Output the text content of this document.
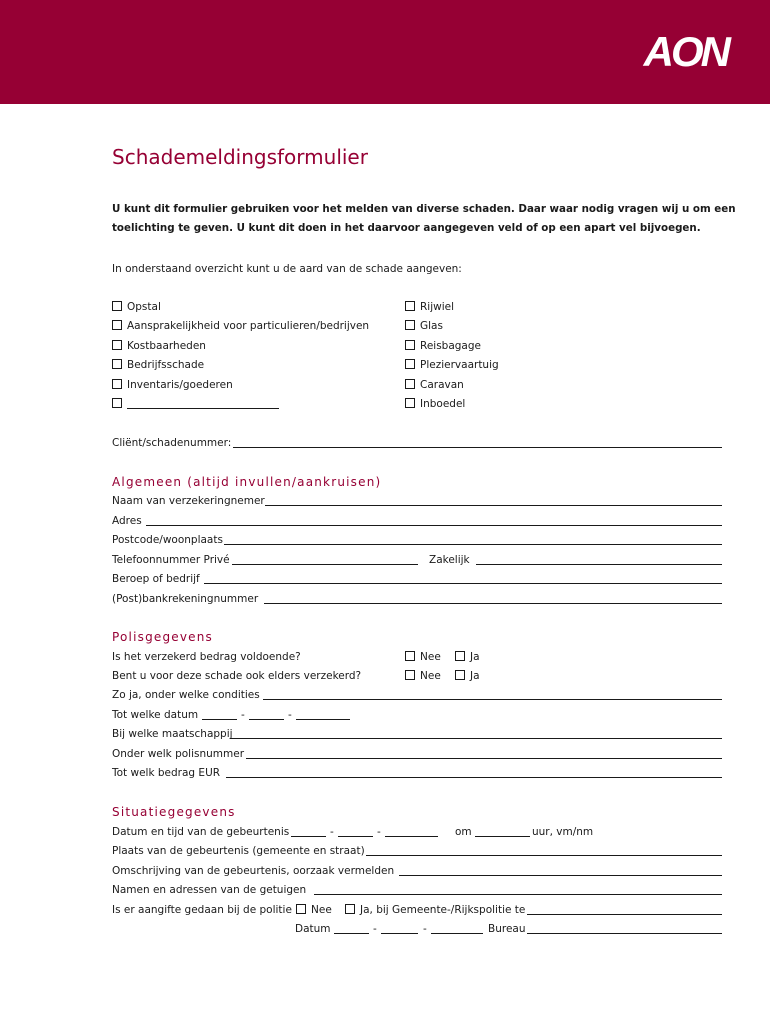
AON
Schademeldingsformulier
U kunt dit formulier gebruiken voor het melden van diverse schaden. Daar waar nodig vragen wij u om een
toelichting te geven. U kunt dit doen in het daarvoor aangegeven veld of op een apart vel bijvoegen.
In onderstaand overzicht kunt u de aard van de schade aangeven:
Opstal
Aansprakelijkheid voor particulieren/bedrijven
Kostbaarheden
Bedrijfsschade
Inventaris/goederen
Rijwiel
Glas
Reisbagage
Pleziervaartuig
Caravan
Inboedel
Cliënt/schadenummer:
Algemeen (altijd invullen/aankruisen)
Naam van verzekeringnemer
Adres
Postcode/woonplaats
Telefoonnummer Privé	Zakelijk
Beroep of bedrijf
(Post)bankrekeningnummer
Polisgegevens
Is het verzekerd bedrag voldoende?	Nee	Ja
Bent u voor deze schade ook elders verzekerd?	Nee	Ja
Zo ja, onder welke condities
Tot welke datum	-	-
Bij welke maatschappij
Onder welk polisnummer
Tot welk bedrag EUR
Situatiegegevens
Datum en tijd van de gebeurtenis	-	-	om	uur, vm/nm
Plaats van de gebeurtenis (gemeente en straat)
Omschrijving van de gebeurtenis, oorzaak vermelden
Namen en adressen van de getuigen
Is er aangifte gedaan bij de politie	Nee	Ja, bij Gemeente-/Rijkspolitie te
Datum	-	-	Bureau
